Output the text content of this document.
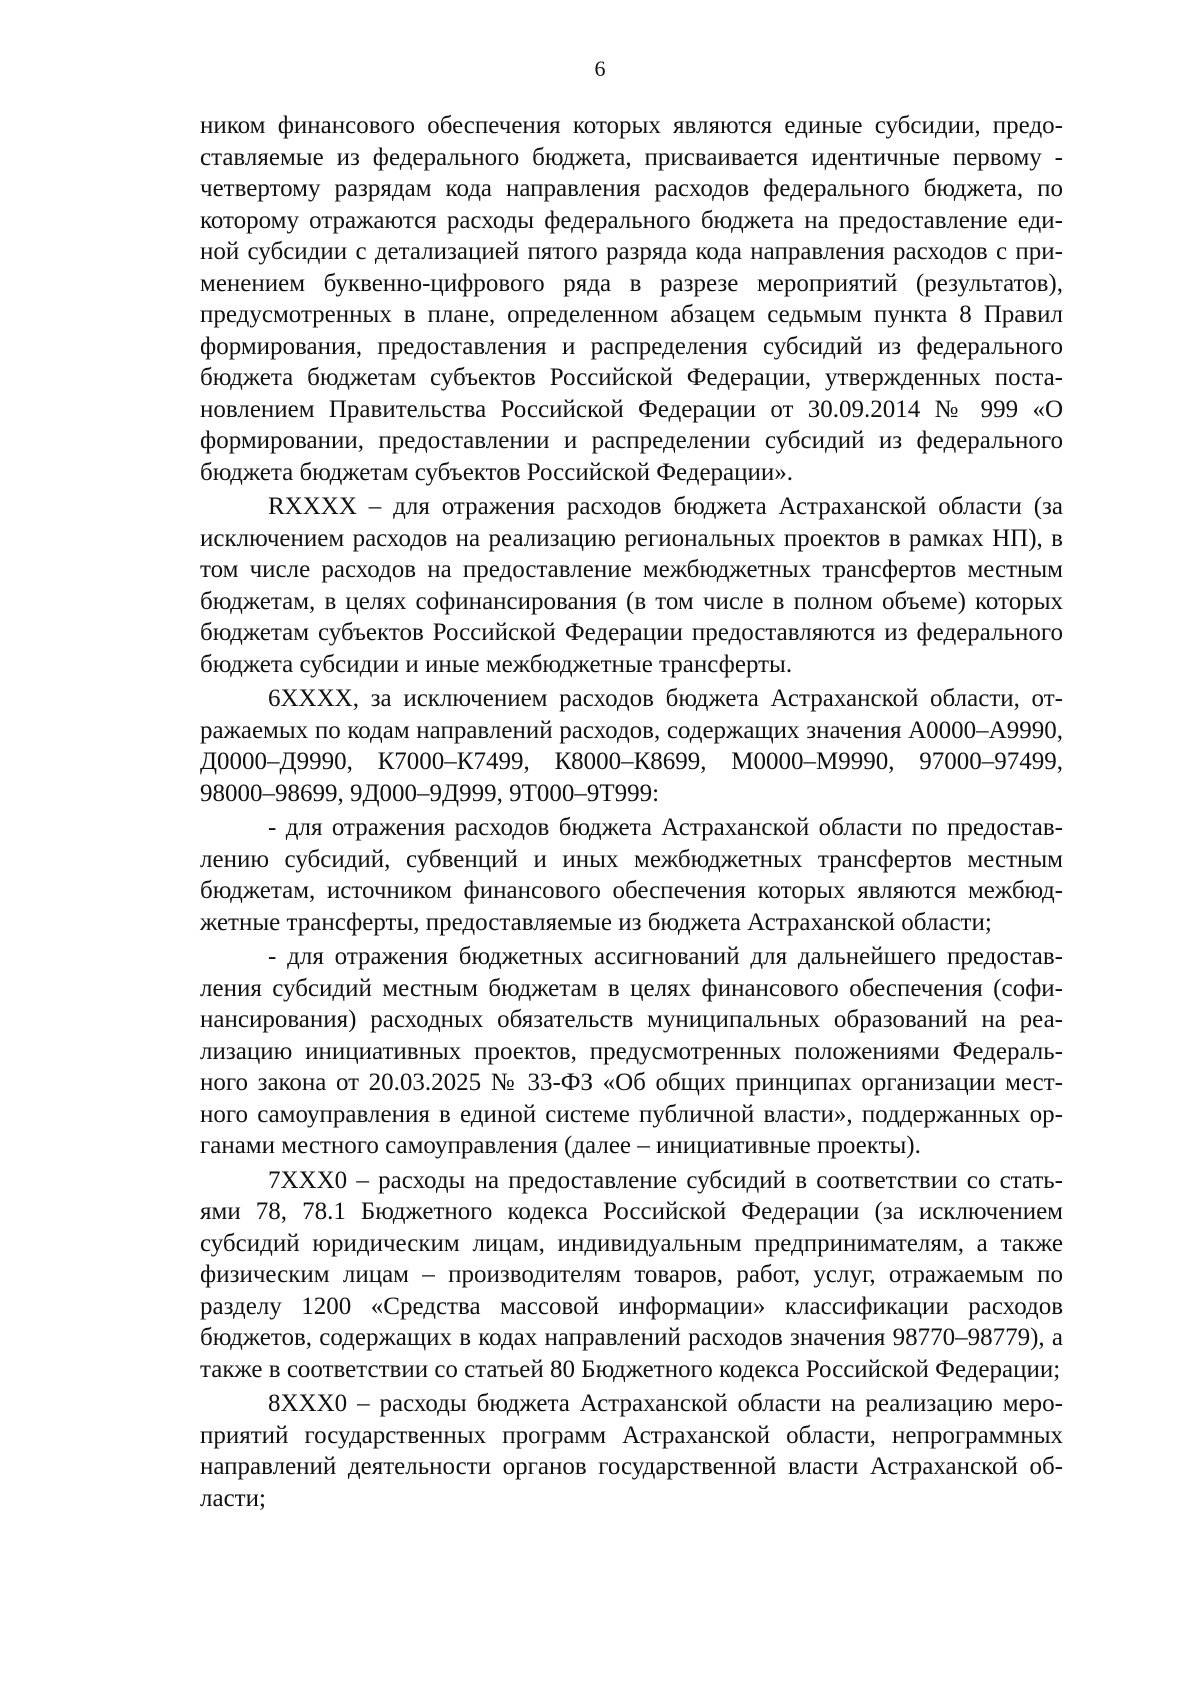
6

ником финансового обеспечения которых являются единые субсидии, предоставляемые из федерального бюджета, присваивается идентичные первому - четвертому разрядам кода направления расходов федерального бюджета, по которому отражаются расходы федерального бюджета на предоставление единой субсидии с детализацией пятого разряда кода направления расходов с применением буквенно-цифрового ряда в разрезе мероприятий (результатов), предусмотренных в плане, определенном абзацем седьмым пункта 8 Правил формирования, предоставления и распределения субсидий из федерального бюджета бюджетам субъектов Российской Федерации, утвержденных постановлением Правительства Российской Федерации от 30.09.2014 № 999 «О формировании, предоставлении и распределении субсидий из федерального бюджета бюджетам субъектов Российской Федерации».

RXXXX – для отражения расходов бюджета Астраханской области (за исключением расходов на реализацию региональных проектов в рамках НП), в том числе расходов на предоставление межбюджетных трансфертов местным бюджетам, в целях софинансирования (в том числе в полном объеме) которых бюджетам субъектов Российской Федерации предоставляются из федерального бюджета субсидии и иные межбюджетные трансферты.

6XXXX, за исключением расходов бюджета Астраханской области, отражаемых по кодам направлений расходов, содержащих значения А0000–А9990, Д0000–Д9990, К7000–К7499, К8000–К8699, М0000–М9990, 97000–97499, 98000–98699, 9Д000–9Д999, 9Т000–9Т999:

- для отражения расходов бюджета Астраханской области по предоставлению субсидий, субвенций и иных межбюджетных трансфертов местным бюджетам, источником финансового обеспечения которых являются межбюджетные трансферты, предоставляемые из бюджета Астраханской области;

- для отражения бюджетных ассигнований для дальнейшего предоставления субсидий местным бюджетам в целях финансового обеспечения (софинансирования) расходных обязательств муниципальных образований на реализацию инициативных проектов, предусмотренных положениями Федерального закона от 20.03.2025 № 33-ФЗ «Об общих принципах организации местного самоуправления в единой системе публичной власти», поддержанных органами местного самоуправления (далее – инициативные проекты).

7XXX0 – расходы на предоставление субсидий в соответствии со статьями 78, 78.1 Бюджетного кодекса Российской Федерации (за исключением субсидий юридическим лицам, индивидуальным предпринимателям, а также физическим лицам – производителям товаров, работ, услуг, отражаемым по разделу 1200 «Средства массовой информации» классификации расходов бюджетов, содержащих в кодах направлений расходов значения 98770–98779), а также в соответствии со статьей 80 Бюджетного кодекса Российской Федерации;

8XXX0 – расходы бюджета Астраханской области на реализацию мероприятий государственных программ Астраханской области, непрограммных направлений деятельности органов государственной власти Астраханской области;
